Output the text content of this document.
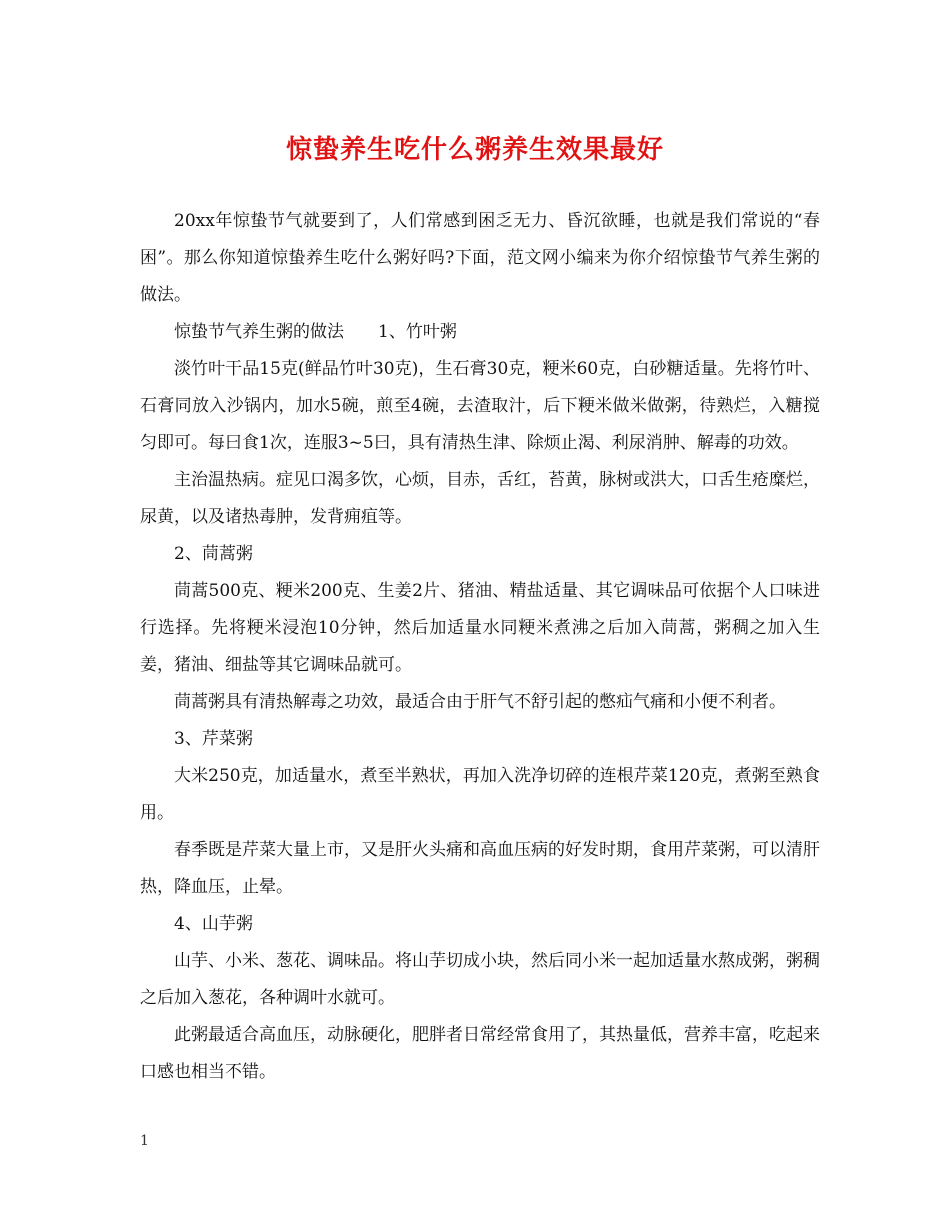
惊蛰养生吃什么粥养生效果最好

20xx年惊蛰节气就要到了，人们常感到困乏无力、昏沉欲睡，也就是我们常说的“春困”。那么你知道惊蛰养生吃什么粥好吗?下面，范文网小编来为你介绍惊蛰节气养生粥的做法。

惊蛰节气养生粥的做法　　1、竹叶粥

淡竹叶干品15克(鲜品竹叶30克)，生石膏30克，粳米60克，白砂糖适量。先将竹叶、石膏同放入沙锅内，加水5碗，煎至4碗，去渣取汁，后下粳米做米做粥，待熟烂，入糖搅匀即可。每曰食1次，连服3~5曰，具有清热生津、除烦止渴、利尿消肿、解毒的功效。

主治温热病。症见口渴多饮，心烦，目赤，舌红，苔黄，脉树或洪大，口舌生疮糜烂，尿黄，以及诸热毒肿，发背痈疽等。

2、茼蒿粥

茼蒿500克、粳米200克、生姜2片、猪油、精盐适量、其它调味品可依据个人口味进行选择。先将粳米浸泡10分钟，然后加适量水同粳米煮沸之后加入茼蒿，粥稠之加入生姜，猪油、细盐等其它调味品就可。

茼蒿粥具有清热解毒之功效，最适合由于肝气不舒引起的憋疝气痛和小便不利者。

3、芹菜粥

大米250克，加适量水，煮至半熟状，再加入洗净切碎的连根芹菜120克，煮粥至熟食用。

春季既是芹菜大量上市，又是肝火头痛和高血压病的好发时期，食用芹菜粥，可以清肝热，降血压，止晕。

4、山芋粥

山芋、小米、葱花、调味品。将山芋切成小块，然后同小米一起加适量水熬成粥，粥稠之后加入葱花，各种调叶水就可。

此粥最适合高血压，动脉硬化，肥胖者日常经常食用了，其热量低，营养丰富，吃起来口感也相当不错。

1
